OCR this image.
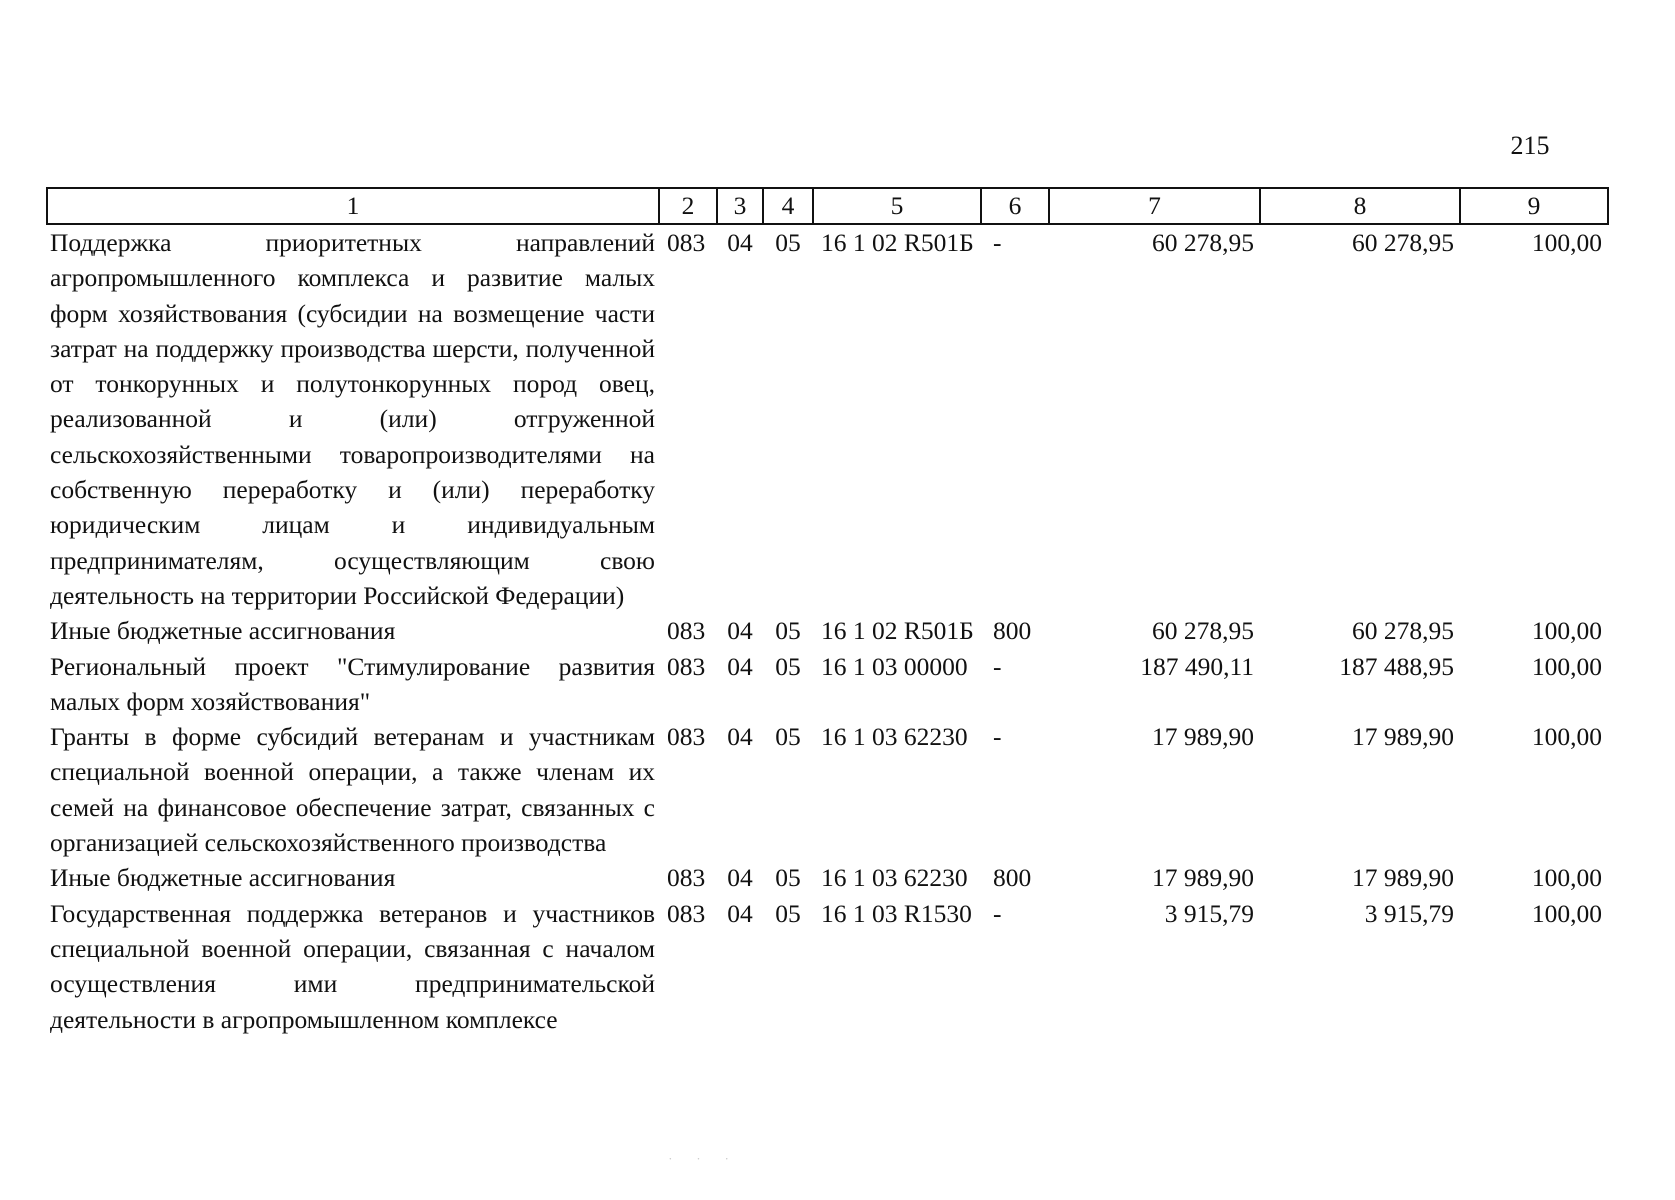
215
1	2	3	4	5	6	7	8	9
Поддержка приоритетных направлений агропромышленного комплекса и развитие малых форм хозяйствования (субсидии на возмещение части затрат на поддержку производства шерсти, полученной от тонкорунных и полутонкорунных пород овец, реализованной и (или) отгруженной сельскохозяйственными товаропроизводителями на собственную переработку и (или) переработку юридическим лицам и индивидуальным предпринимателям, осуществляющим свою деятельность на территории Российской Федерации)	083	04	05	16 1 02 R501Б	-	60 278,95	60 278,95	100,00
Иные бюджетные ассигнования	083	04	05	16 1 02 R501Б	800	60 278,95	60 278,95	100,00
Региональный проект "Стимулирование развития малых форм хозяйствования"	083	04	05	16 1 03 00000	-	187 490,11	187 488,95	100,00
Гранты в форме субсидий ветеранам и участникам специальной военной операции, а также членам их семей на финансовое обеспечение затрат, связанных с организацией сельскохозяйственного производства	083	04	05	16 1 03 62230	-	17 989,90	17 989,90	100,00
Иные бюджетные ассигнования	083	04	05	16 1 03 62230	800	17 989,90	17 989,90	100,00
Государственная поддержка ветеранов и участников специальной военной операции, связанная с началом осуществления ими предпринимательской деятельности в агропромышленном комплексе	083	04	05	16 1 03 R1530	-	3 915,79	3 915,79	100,00
˙ ˙ ˙
